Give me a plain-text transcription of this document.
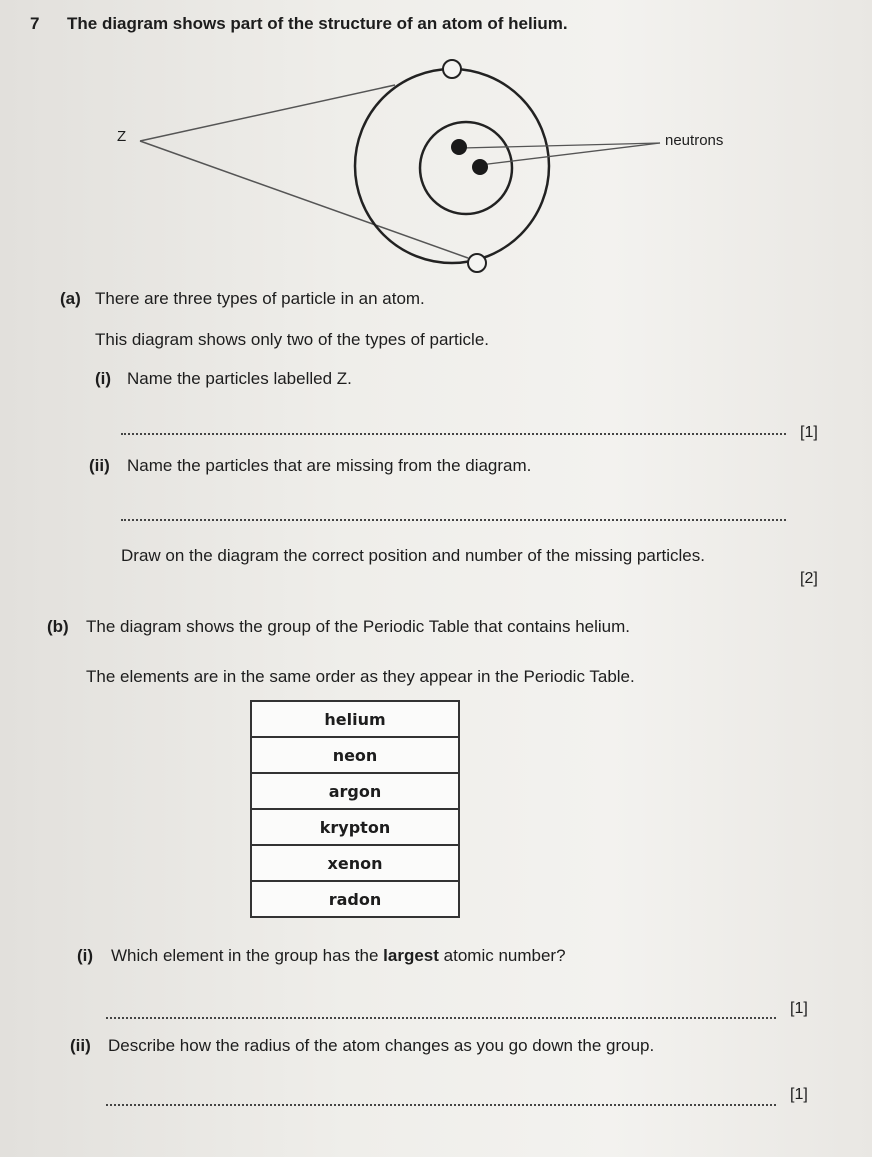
7 The diagram shows part of the structure of an atom of helium.
Z	neutrons
(a) There are three types of particle in an atom.
This diagram shows only two of the types of particle.
(i) Name the particles labelled Z.
[1]
(ii) Name the particles that are missing from the diagram.
Draw on the diagram the correct position and number of the missing particles.
[2]
(b) The diagram shows the group of the Periodic Table that contains helium.
The elements are in the same order as they appear in the Periodic Table.
helium
neon
argon
krypton
xenon
radon
(i) Which element in the group has the largest atomic number?
[1]
(ii) Describe how the radius of the atom changes as you go down the group.
[1]
